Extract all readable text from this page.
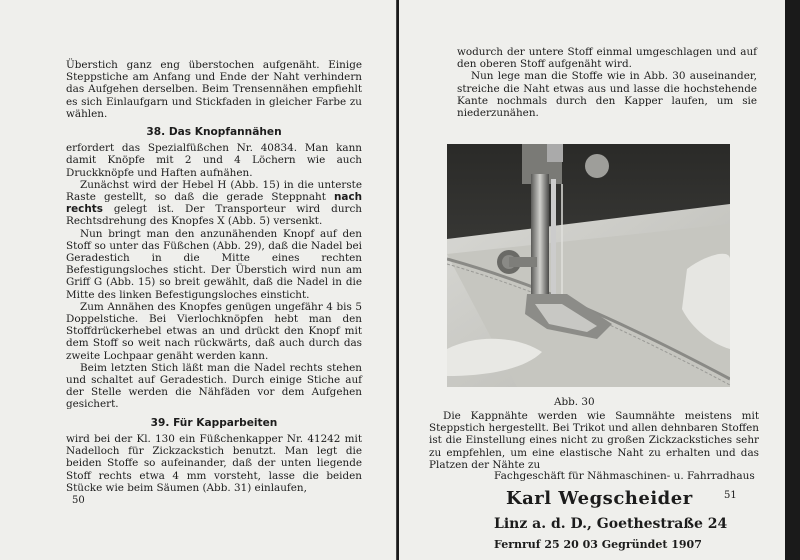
Überstich ganz eng überstochen aufgenäht. Einige Steppstiche am Anfang und Ende der Naht verhindern das Aufgehen derselben. Beim Trensennähen empfiehlt es sich Einlaufgarn und Stickfaden in gleicher Farbe zu wählen.

38. Das Knopfannähen

erfordert das Spezialfüßchen Nr. 40834. Man kann damit Knöpfe mit 2 und 4 Löchern wie auch Druckknöpfe und Haften aufnähen.

Zunächst wird der Hebel H (Abb. 15) in die unterste Raste gestellt, so daß die gerade Steppnaht nach rechts gelegt ist. Der Transporteur wird durch Rechtsdrehung des Knopfes X (Abb. 5) versenkt.

Nun bringt man den anzunähenden Knopf auf den Stoff so unter das Füßchen (Abb. 29), daß die Nadel bei Geradestich in die Mitte eines rechten Befestigungsloches sticht. Der Überstich wird nun am Griff G (Abb. 15) so breit gewählt, daß die Nadel in die Mitte des linken Befestigungsloches einsticht.

Zum Annähen des Knopfes genügen ungefähr 4 bis 5 Doppelstiche. Bei Vierlochknöpfen hebt man den Stoffdrückerhebel etwas an und drückt den Knopf mit dem Stoff so weit nach rückwärts, daß auch durch das zweite Lochpaar genäht werden kann.

Beim letzten Stich läßt man die Nadel rechts stehen und schaltet auf Geradestich. Durch einige Stiche auf der Stelle werden die Nähfäden vor dem Aufgehen gesichert.

39. Für Kapparbeiten

wird bei der Kl. 130 ein Füßchenkapper Nr. 41242 mit Nadelloch für Zickzackstich benutzt. Man legt die beiden Stoffe so aufeinander, daß der unten liegende Stoff rechts etwa 4 mm vorsteht, lasse die beiden Stücke wie beim Säumen (Abb. 31) einlaufen,

50

wodurch der untere Stoff einmal umgeschlagen und auf den oberen Stoff aufgenäht wird.

Nun lege man die Stoffe wie in Abb. 30 auseinander, streiche die Naht etwas aus und lasse die hochstehende Kante nochmals durch den Kapper laufen, um sie niederzunähen.

Abb. 30

Die Kappnähte werden wie Saumnähte meistens mit Steppstich hergestellt. Bei Trikot und allen dehnbaren Stoffen ist die Einstellung eines nicht zu großen Zickzackstiches sehr zu empfehlen, um eine elastische Naht zu erhalten und das Platzen der Nähte zu

Fachgeschäft für Nähmaschinen- u. Fahrradhaus
Karl Wegscheider
Linz a. d. D., Goethestraße 24
Fernruf 25 20 03 Gegründet 1907
51
